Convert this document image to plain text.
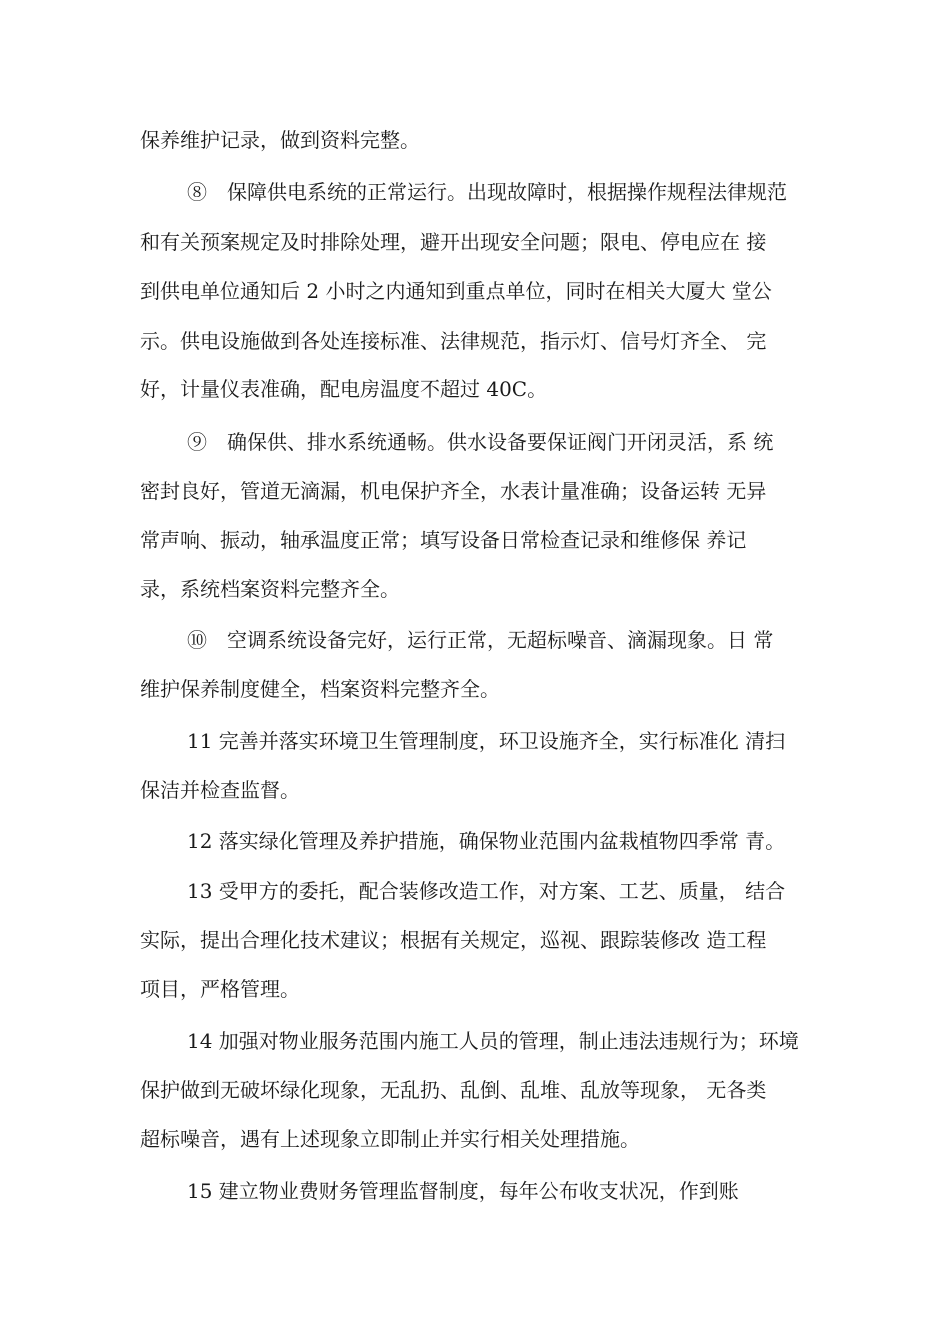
保养维护记录，做到资料完整。
⑧　保障供电系统的正常运行。出现故障时，根据操作规程法律规范
和有关预案规定及时排除处理，避开出现安全问题；限电、停电应在 接
到供电单位通知后 2 小时之内通知到重点单位，同时在相关大厦大 堂公
示。供电设施做到各处连接标准、法律规范，指示灯、信号灯齐全、 完
好，计量仪表准确，配电房温度不超过 40C。
⑨　确保供、排水系统通畅。供水设备要保证阀门开闭灵活，系 统
密封良好，管道无滴漏，机电保护齐全，水表计量准确；设备运转 无异
常声响、振动，轴承温度正常；填写设备日常检查记录和维修保 养记
录，系统档案资料完整齐全。
⑩　空调系统设备完好，运行正常，无超标噪音、滴漏现象。日 常
维护保养制度健全，档案资料完整齐全。
11 完善并落实环境卫生管理制度，环卫设施齐全，实行标准化 清扫
保洁并检查监督。
12 落实绿化管理及养护措施，确保物业范围内盆栽植物四季常 青。
13 受甲方的委托，配合装修改造工作，对方案、工艺、质量， 结合
实际，提出合理化技术建议；根据有关规定，巡视、跟踪装修改 造工程
项目，严格管理。
14 加强对物业服务范围内施工人员的管理，制止违法违规行为；环境
保护做到无破坏绿化现象，无乱扔、乱倒、乱堆、乱放等现象， 无各类
超标噪音，遇有上述现象立即制止并实行相关处理措施。
15 建立物业费财务管理监督制度，每年公布收支状况，作到账
